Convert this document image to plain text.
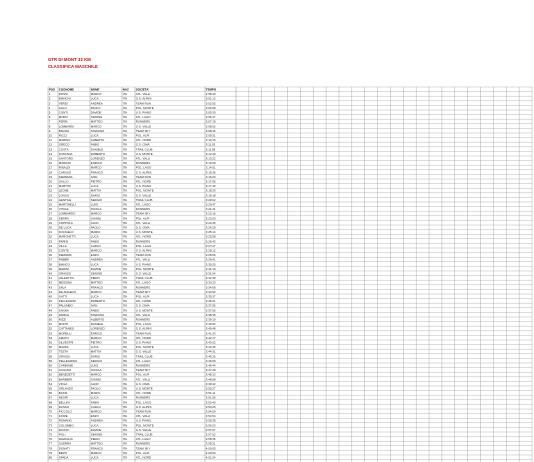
GTR DI MONT 32 KM
CLASSIFICA MASCHILE
POS COGNOME	NOME	NAZ SOCIETA'	TEMPO
1	ROSSI	MARCO	ITA	ATL. VALLI	2:58:40
2	BIANCHI	LUCA	ITA	G.S. ALPINI	3:01:12
3	VERDI	ANDREA	ITA	TEAM RUN	3:02:55
4	GALLI	PAOLO	ITA	POL. MONTE	3:04:08
5	CONTI	DAVIDE	ITA	U.S. PIANO	3:05:30
6	MORO	SIMONE	ITA	ATL. LAGO	3:06:47
7	FERRI	MATTEO	ITA	RUNNERS	3:07:19
8	LOMBARDI	MARCO	ITA	G.S. VALLE	3:08:02
9	BRUNO	STEFANO	ITA	TEAM SKY	3:08:44
10 RICCI	LUCA	ITA	POL. ALPI	3:09:31
11 MARINO	ALBERTO	ITA	ATL. NORD	3:10:15
12 GRECO	FABIO	ITA	G.S. CIMA	3:11:03
13 COSTA	DANIELE	ITA	TRAIL CLUB	3:11:58
14 FONTANA	ROBERTO	ITA	U.S. MONTE	3:12:40
15 SANTORO	LORENZO	ITA	ATL. VALLI	3:13:22
16 MARIANI	ENRICO	ITA	RUNNERS	3:14:09
17 RINALDI	MARCO	ITA	POL. LAGO	3:14:51
18 CARUSO	FRANCO	ITA	G.S. ALPINI	3:15:36
19 FERRARA	IVAN	ITA	TEAM RUN	3:16:20
20 GALLO	PIETRO	ITA	ATL. NORD	3:17:05
21 MARTINI	LUCA	ITA	U.S. PIANO	3:17:49
22 LEONE	MATTIA	ITA	POL. MONTE	3:18:33
23 LONGO	DARIO	ITA	G.S. VALLE	3:19:18
24 GENTILE	SERGIO	ITA	TRAIL CLUB	3:20:02
25 MARTINELLI	LUIGI	ITA	ATL. LAGO	3:20:47
26 VITALE	NICOLA	ITA	RUNNERS	3:21:31
27 LOMBARDO	MARCO	ITA	TEAM SKY	3:22:16
28 SERRA	GIANNI	ITA	POL. ALPI	3:23:00
29 COPPOLA	ALDO	ITA	ATL. VALLI	3:23:45
30 DE LUCA	PAOLO	ITA	G.S. CIMA	3:24:29
31 D'ANGELO	MARIO	ITA	U.S. MONTE	3:25:14
32 MARCHETTI	LUCA	ITA	ATL. NORD	3:25:58
33 PARISI	FABIO	ITA	RUNNERS	3:26:43
34 VILLA	CARLO	ITA	POL. LAGO	3:27:27
35 CONTE	MARCO	ITA	G.S. ALPINI	3:28:12
36 FERRARI	ENZO	ITA	TEAM RUN	3:28:56
37 FABBRI	ANDREA	ITA	ATL. VALLI	3:29:41
38 BIANCO	LUCA	ITA	U.S. PIANO	3:30:25
39 MARINI	DAVIDE	ITA	POL. MONTE	3:31:10
40 GRASSO	SIMONE	ITA	G.S. VALLE	3:31:54
41 VALENTINI	PIERO	ITA	TRAIL CLUB	3:32:39
42 MESSINA	MATTEO	ITA	ATL. LAGO	3:33:23
43 SALA	FRANCO	ITA	RUNNERS	3:34:08
44 DE ANGELIS	MARCO	ITA	TEAM SKY	3:34:52
45 GATTI	LUCA	ITA	POL. ALPI	3:35:37
46 PELLEGRINI	ROBERTO	ITA	ATL. NORD	3:36:21
47 PALUMBO	IVAN	ITA	G.S. CIMA	3:37:06
48 SANNA	FABIO	ITA	U.S. MONTE	3:37:50
49 FARINA	STEFANO	ITA	ATL. VALLI	3:38:35
50 RIZZI	ALBERTO	ITA	RUNNERS	3:39:19
51 MONTI	DANIELE	ITA	POL. LAGO	3:40:04
52 CATTANEO	LORENZO	ITA	G.S. ALPINI	3:40:48
53 MORELLI	ENRICO	ITA	TEAM RUN	3:41:33
54 AMATO	MARCO	ITA	ATL. NORD	3:42:17
55 SILVESTRI	PIETRO	ITA	U.S. PIANO	3:43:02
56 MAZZA	LUCA	ITA	POL. MONTE	3:43:46
57 TESTA	MATTIA	ITA	G.S. VALLE	3:44:31
58 GRASSI	DARIO	ITA	TRAIL CLUB	3:45:15
59 PELLEGRINO	SERGIO	ITA	ATL. LAGO	3:46:00
60 CARBONE	LUIGI	ITA	RUNNERS	3:46:44
61 GIULIANI	NICOLA	ITA	TEAM SKY	3:47:29
62 BENEDETTI	MARCO	ITA	POL. ALPI	3:48:13
63 BARBIERI	GIANNI	ITA	ATL. VALLI	3:48:58
64 VIOLA	ALDO	ITA	G.S. CIMA	3:49:42
65 ORLANDO	PAOLO	ITA	U.S. MONTE	3:50:27
66 BASSI	MARIO	ITA	ATL. NORD	3:51:11
67 NEGRI	LUCA	ITA	RUNNERS	3:51:56
68 BELLINI	FABIO	ITA	POL. LAGO	3:52:40
69 RUSSO	CARLO	ITA	G.S. ALPINI	3:53:25
70 PICCOLO	MARCO	ITA	TEAM RUN	3:54:09
71 FIORE	ENZO	ITA	ATL. VALLI	3:54:54
72 ROMANO	ANDREA	ITA	U.S. PIANO	3:55:38
73 COLOMBO	LUCA	ITA	POL. MONTE	3:56:23
74 RICCIO	DAVIDE	ITA	G.S. VALLE	3:57:07
75 POLI	SIMONE	ITA	TRAIL CLUB	3:57:52
76 RAVAGLIA	PIERO	ITA	ATL. LAGO	3:58:36
77 GUERRA	MATTEO	ITA	RUNNERS	3:59:21
78 DONATI	FRANCO	ITA	TEAM SKY	4:00:05
79 BERTI	MARCO	ITA	POL. ALPI	4:00:50
80 SPADA	LUCA	ITA	ATL. NORD	4:01:34
